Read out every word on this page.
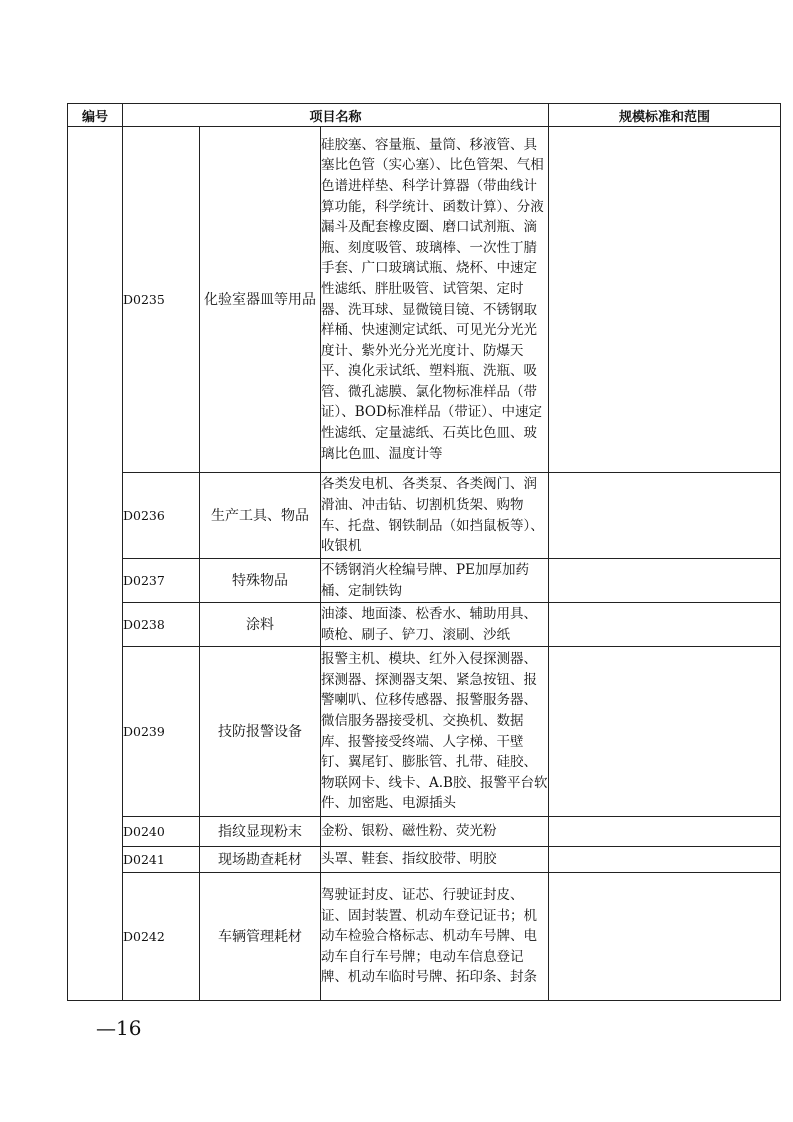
编号	项目名称			规模标准和范围
	D0235	化验室器皿等用品	硅胶塞、容量瓶、量筒、移液管、具塞比色管（实心塞）、比色管架、气相色谱进样垫、科学计算器（带曲线计算功能，科学统计、函数计算）、分液漏斗及配套橡皮圈、磨口试剂瓶、滴瓶、刻度吸管、玻璃棒、一次性丁腈手套、广口玻璃试瓶、烧杯、中速定性滤纸、胖肚吸管、试管架、定时器、洗耳球、显微镜目镜、不锈钢取样桶、快速测定试纸、可见光分光光度计、紫外光分光光度计、防爆天平、溴化汞试纸、塑料瓶、洗瓶、吸管、微孔滤膜、氯化物标准样品（带证）、BOD标准样品（带证）、中速定性滤纸、定量滤纸、石英比色皿、玻璃比色皿、温度计等	
	D0236	生产工具、物品	各类发电机、各类泵、各类阀门、润滑油、冲击钻、切割机货架、购物车、托盘、钢铁制品（如挡鼠板等）、收银机	
	D0237	特殊物品	不锈钢消火栓编号牌、PE加厚加药桶、定制铁钩	
	D0238	涂料	油漆、地面漆、松香水、辅助用具、喷枪、刷子、铲刀、滚刷、沙纸	
	D0239	技防报警设备	报警主机、模块、红外入侵探测器、探测器、探测器支架、紧急按钮、报警喇叭、位移传感器、报警服务器、微信服务器接受机、交换机、数据库、报警接受终端、人字梯、干壁钉、翼尾钉、膨胀管、扎带、硅胶、物联网卡、线卡、A.B胶、报警平台软件、加密匙、电源插头	
	D0240	指纹显现粉末	金粉、银粉、磁性粉、荧光粉	
	D0241	现场勘查耗材	头罩、鞋套、指纹胶带、明胶	
	D0242	车辆管理耗材	驾驶证封皮、证芯、行驶证封皮、证、固封装置、机动车登记证书；机动车检验合格标志、机动车号牌、电动车自行车号牌；电动车信息登记牌、机动车临时号牌、拓印条、封条	
—16
